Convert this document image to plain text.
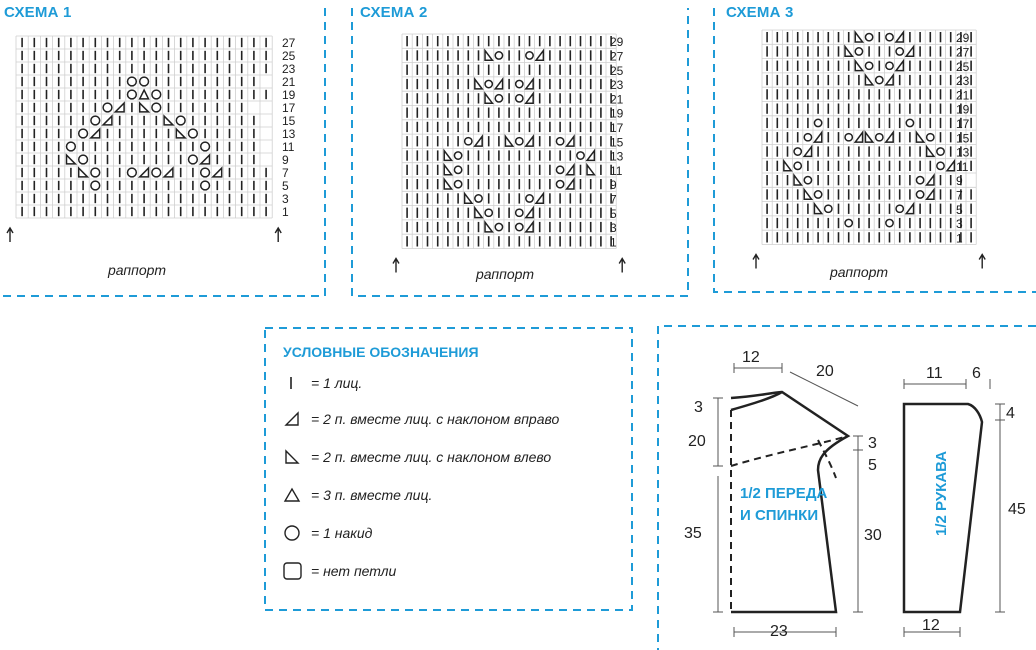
СХЕМА 1
27
25
23
21
19
17
15
13
11
9
7
5
3
1
раппорт
СХЕМА 2
29
27
25
23
21
19
17
15
13
11
9
7
5
3
1
раппорт
СХЕМА 3
29
27
25
23
21
19
17
15
13
11
9
7
5
3
1
раппорт
УСЛОВНЫЕ ОБОЗНАЧЕНИЯ
= 1 лиц.
= 2 п. вместе лиц. с наклоном вправо
= 2 п. вместе лиц. с наклоном влево
= 3 п. вместе лиц.
= 1 накид
= нет петли
12
20
3
20	3
5
35	30
23
11 6
4
45
12
1/2 ПЕРЕДА
И СПИНКИ	1/2 РУКАВА
